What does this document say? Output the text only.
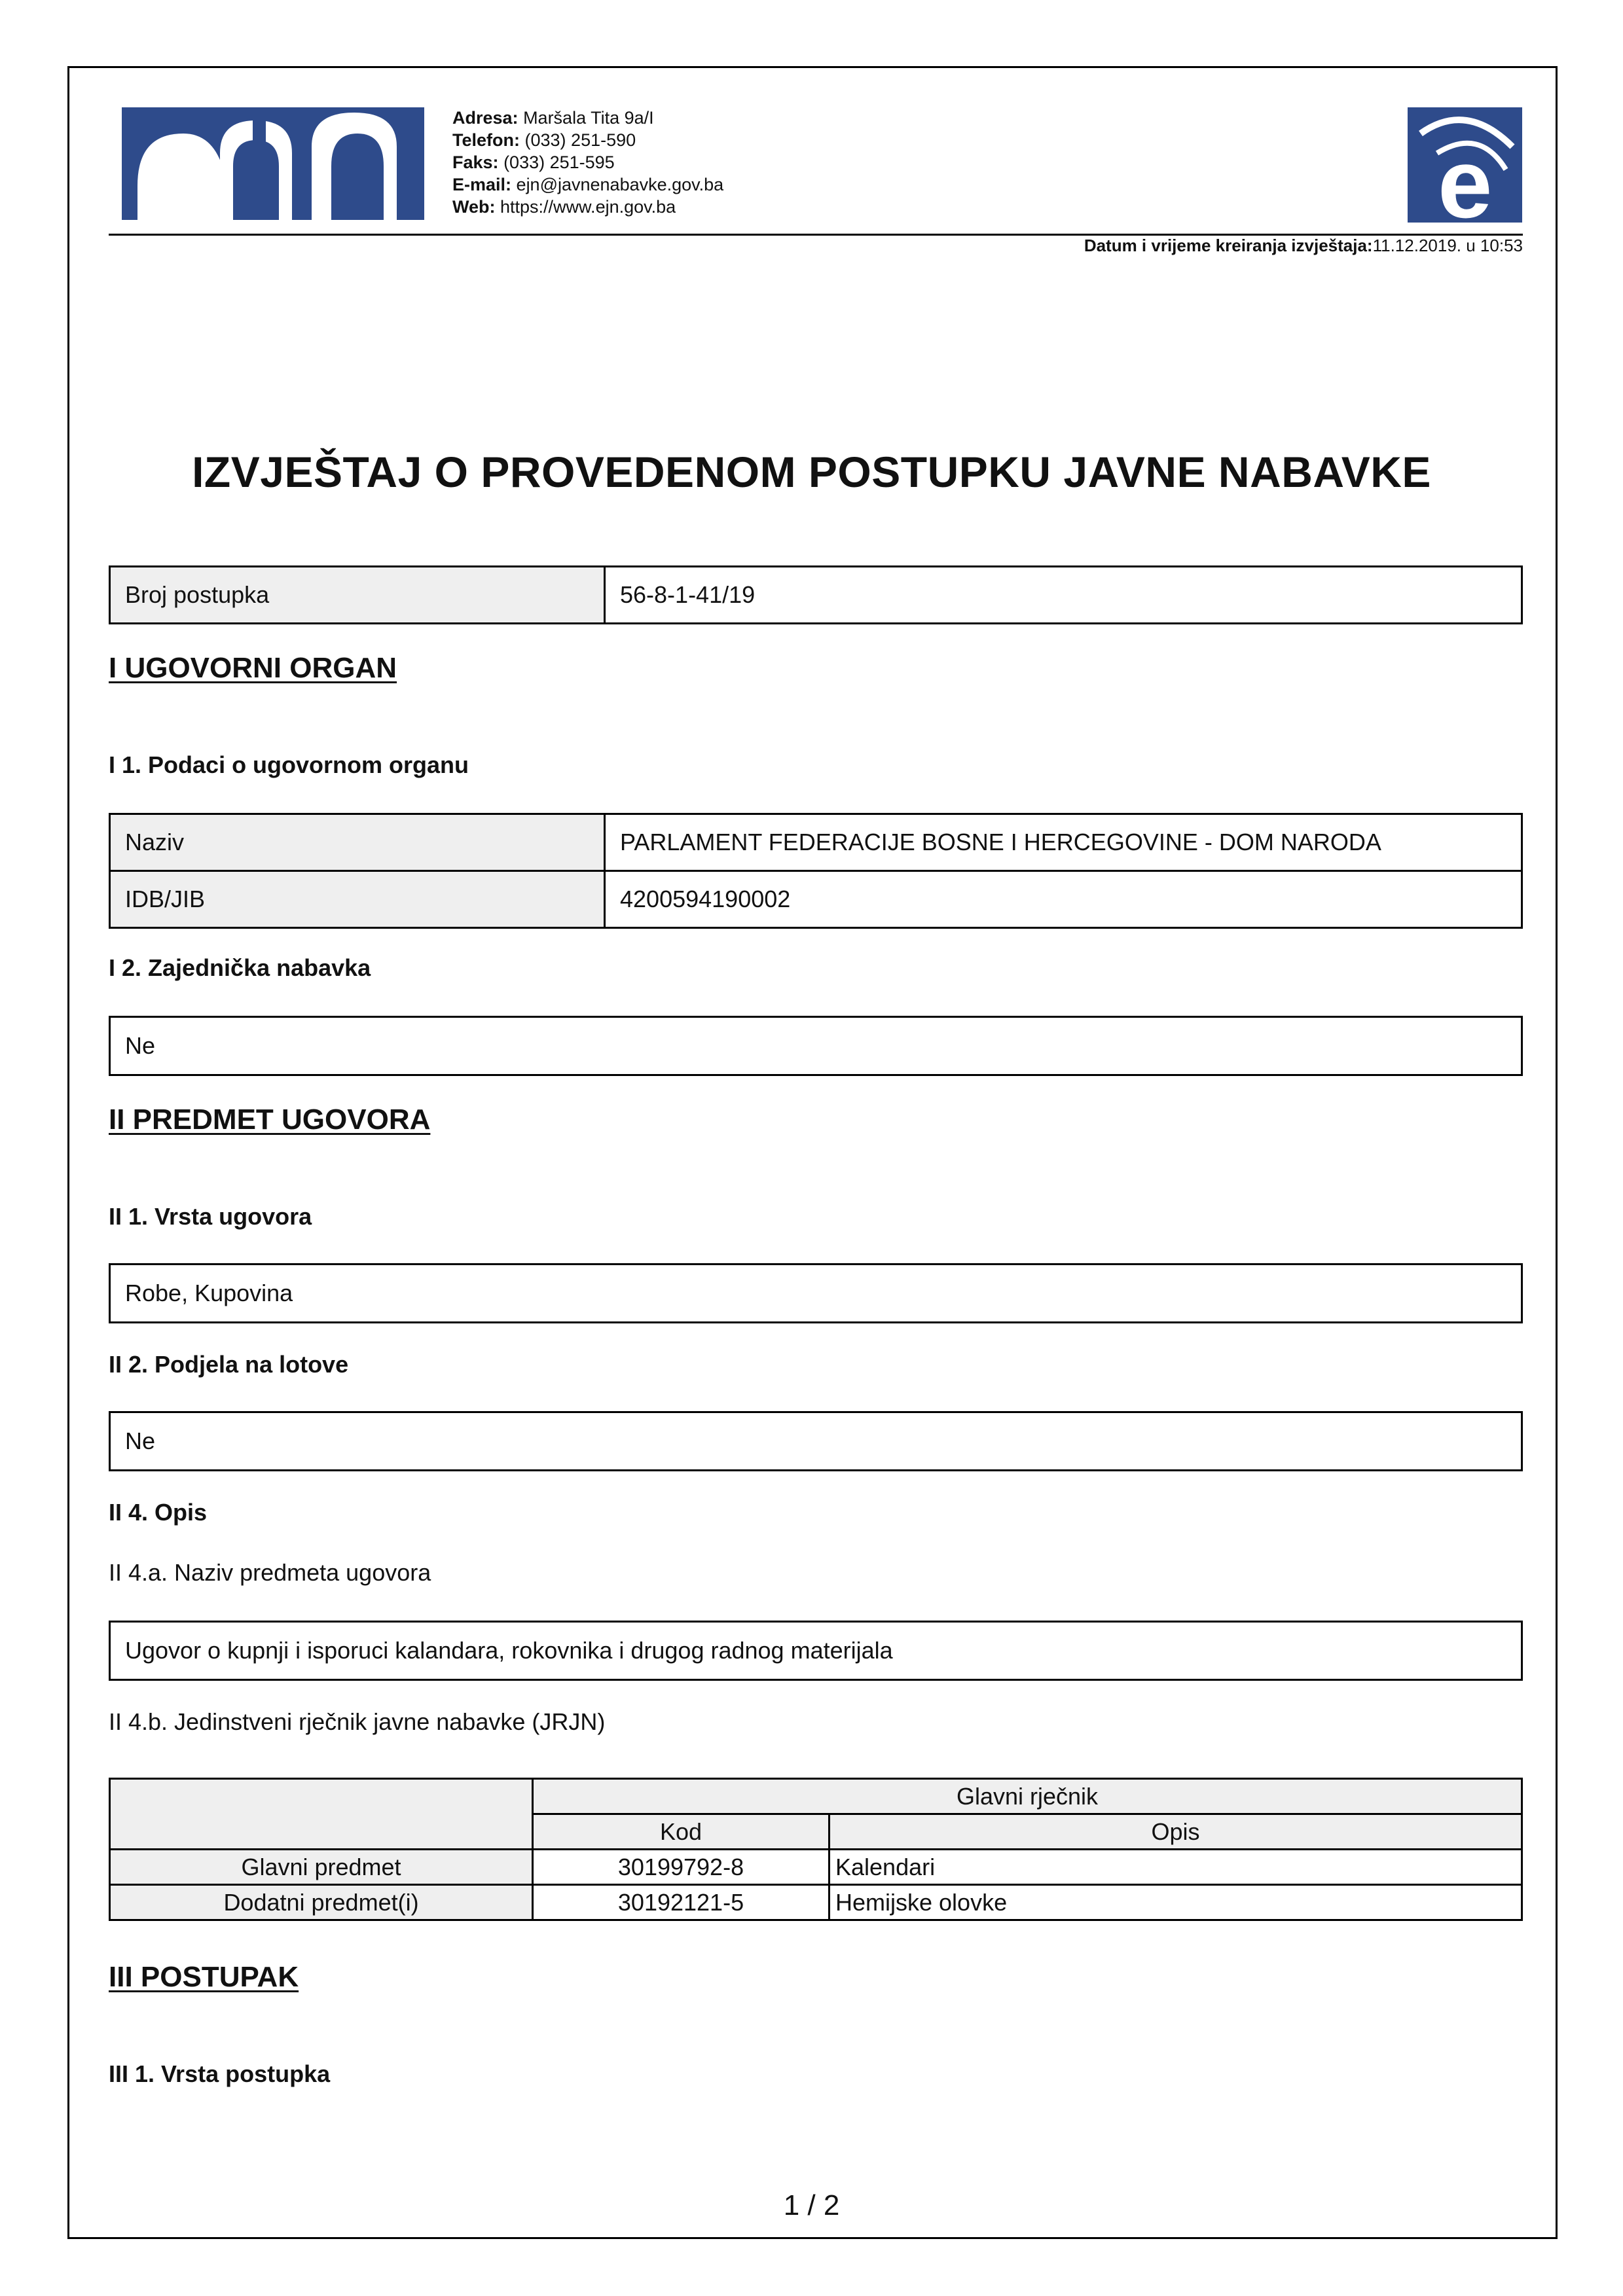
Adresa: Maršala Tita 9a/I
Telefon: (033) 251-590
Faks: (033) 251-595
E-mail: ejn@javnenabavke.gov.ba
Web: https://www.ejn.gov.ba	e
Datum i vrijeme kreiranja izvještaja:11.12.2019. u 10:53
IZVJEŠTAJ O PROVEDENOM POSTUPKU JAVNE NABAVKE
Broj postupka	56-8-1-41/19
I UGOVORNI ORGAN
I 1. Podaci o ugovornom organu
Naziv	PARLAMENT FEDERACIJE BOSNE I HERCEGOVINE - DOM NARODA
IDB/JIB	4200594190002
I 2. Zajednička nabavka
Ne
II PREDMET UGOVORA
II 1. Vrsta ugovora
Robe, Kupovina
II 2. Podjela na lotove
Ne
II 4. Opis
II 4.a. Naziv predmeta ugovora
Ugovor o kupnji i isporuci kalandara, rokovnika i drugog radnog materijala
II 4.b. Jedinstveni rječnik javne nabavke (JRJN)
	Glavni rječnik	
	Kod	Opis
Glavni predmet	30199792-8	Kalendari
Dodatni predmet(i)	30192121-5	Hemijske olovke
III POSTUPAK
III 1. Vrsta postupka
1 / 2
